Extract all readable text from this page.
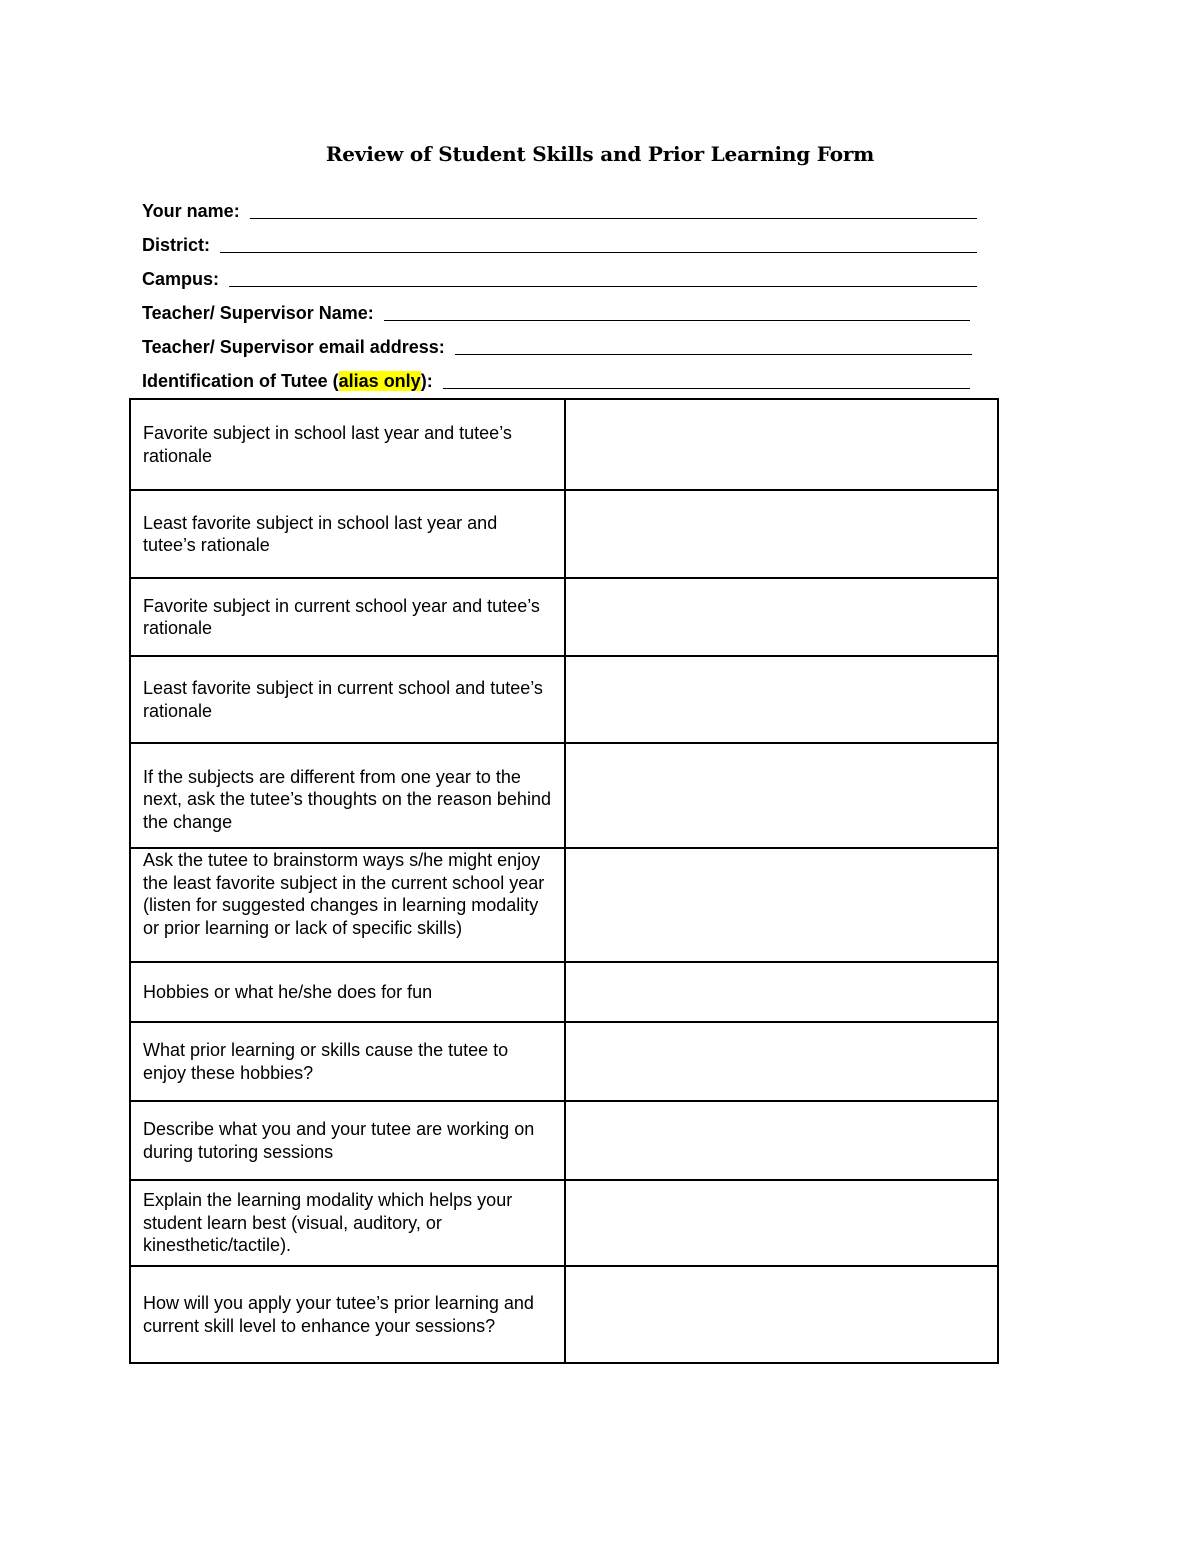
Review of Student Skills and Prior Learning Form
Your name:
District:
Campus:
Teacher/ Supervisor Name:
Teacher/ Supervisor email address:
Identification of Tutee (alias only):
Favorite subject in school last year and tutee’s rationale	

Least favorite subject in school last year and tutee’s rationale	

Favorite subject in current school year and tutee’s rationale	

Least favorite subject in current school and tutee’s rationale	

If the subjects are different from one year to the next, ask the tutee’s thoughts on the reason behind the change	

Ask the tutee to brainstorm ways s/he might enjoy the least favorite subject in the current school year (listen for suggested changes in learning modality or prior learning or lack of specific skills)	

Hobbies or what he/she does for fun	

What prior learning or skills cause the tutee to enjoy these hobbies?	

Describe what you and your tutee are working on during tutoring sessions	

Explain the learning modality which helps your student learn best (visual, auditory, or kinesthetic/tactile).	

How will you apply your tutee’s prior learning and current skill level to enhance your sessions?	
